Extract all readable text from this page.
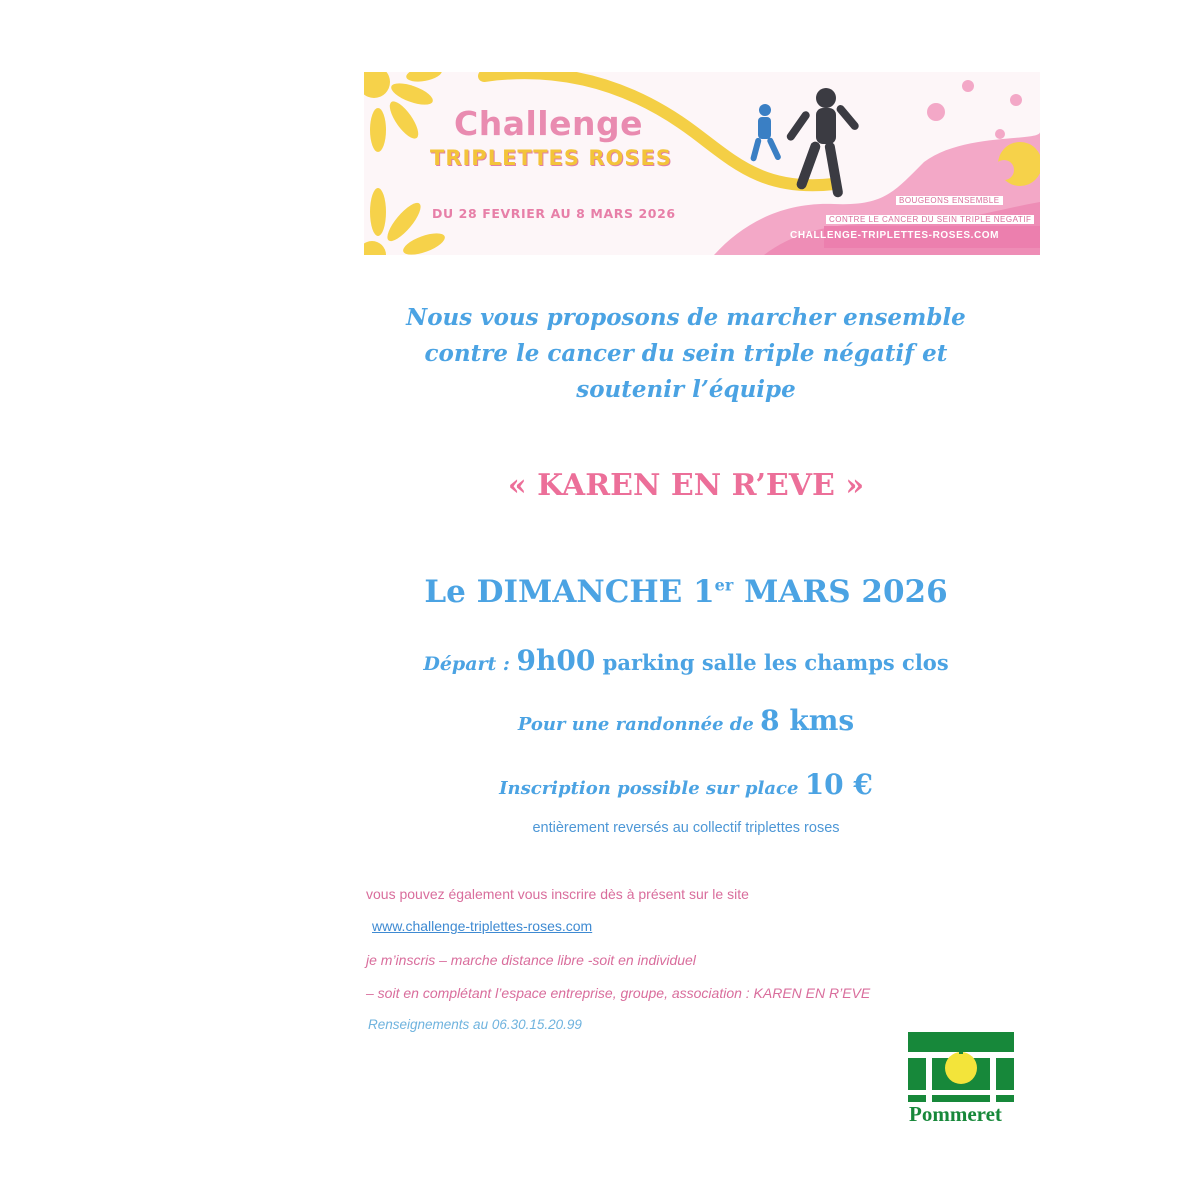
Challenge
TRIPLETTES ROSES
DU 28 FEVRIER AU 8 MARS 2026
BOUGEONS ENSEMBLE
CONTRE LE CANCER DU SEIN TRIPLE NEGATIF
CHALLENGE-TRIPLETTES-ROSES.COM
Nous vous proposons de marcher ensemble
contre le cancer du sein triple négatif et
soutenir l’équipe
« KAREN EN R’EVE »
Le DIMANCHE 1er MARS 2026
Départ : 9h00 parking salle les champs clos
Pour une randonnée de 8 kms
Inscription possible sur place 10 €
entièrement reversés au collectif triplettes roses
vous pouvez également vous inscrire dès à présent sur le site
www.challenge-triplettes-roses.com
je m’inscris – marche distance libre -soit en individuel
– soit en complétant l’espace entreprise, groupe, association : KAREN EN R’EVE
Renseignements au 06.30.15.20.99
Pommeret
